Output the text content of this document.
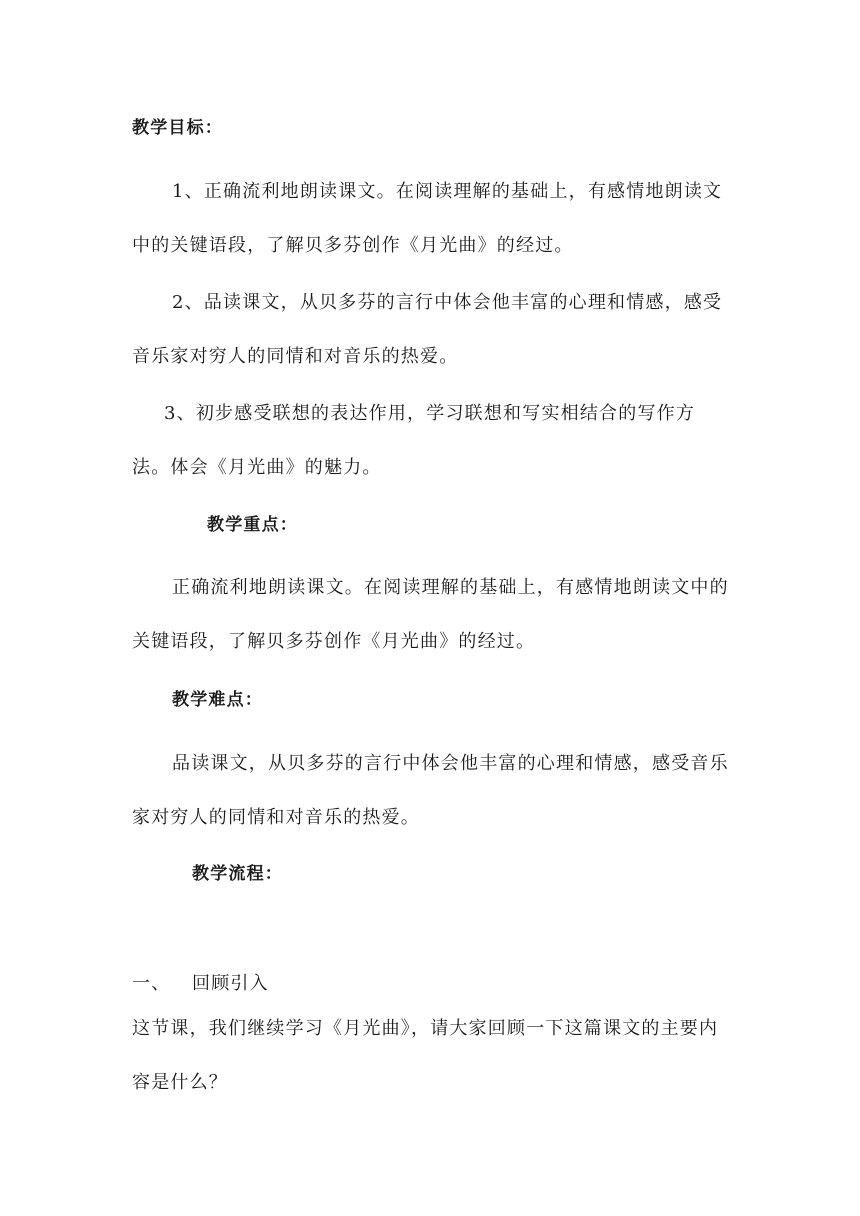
教学目标：
1、正确流利地朗读课文。在阅读理解的基础上，有感情地朗读文中的关键语段，了解贝多芬创作《月光曲》的经过。
2、品读课文，从贝多芬的言行中体会他丰富的心理和情感，感受音乐家对穷人的同情和对音乐的热爱。
3、初步感受联想的表达作用，学习联想和写实相结合的写作方法。体会《月光曲》的魅力。
教学重点：
正确流利地朗读课文。在阅读理解的基础上，有感情地朗读文中的关键语段，了解贝多芬创作《月光曲》的经过。
教学难点：
品读课文，从贝多芬的言行中体会他丰富的心理和情感，感受音乐家对穷人的同情和对音乐的热爱。
教学流程：
一、 回顾引入
这节课，我们继续学习《月光曲》，请大家回顾一下这篇课文的主要内容是什么？
